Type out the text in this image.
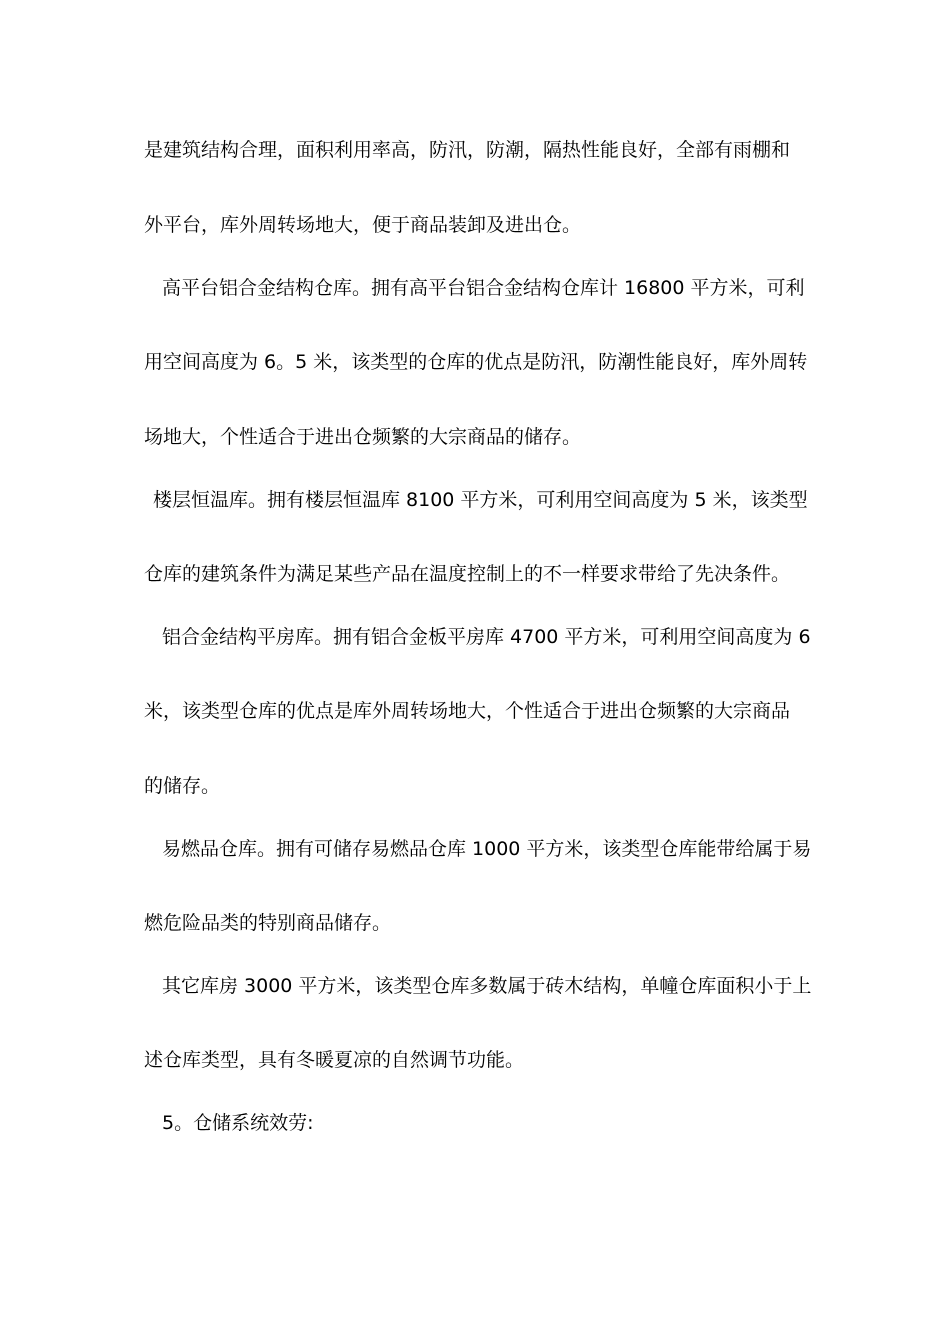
是建筑结构合理，面积利用率高，防汛，防潮，隔热性能良好，全部有雨棚和

外平台，库外周转场地大，便于商品装卸及进出仓。

高平台铝合金结构仓库。拥有高平台铝合金结构仓库计 16800 平方米，可利

用空间高度为 6。5 米，该类型的仓库的优点是防汛，防潮性能良好，库外周转

场地大，个性适合于进出仓频繁的大宗商品的储存。

楼层恒温库。拥有楼层恒温库 8100 平方米，可利用空间高度为 5 米，该类型

仓库的建筑条件为满足某些产品在温度控制上的不一样要求带给了先决条件。

铝合金结构平房库。拥有铝合金板平房库 4700 平方米，可利用空间高度为 6

米，该类型仓库的优点是库外周转场地大，个性适合于进出仓频繁的大宗商品

的储存。

易燃品仓库。拥有可储存易燃品仓库 1000 平方米，该类型仓库能带给属于易

燃危险品类的特别商品储存。

其它库房 3000 平方米，该类型仓库多数属于砖木结构，单幢仓库面积小于上

述仓库类型，具有冬暖夏凉的自然调节功能。

5。仓储系统效劳:
